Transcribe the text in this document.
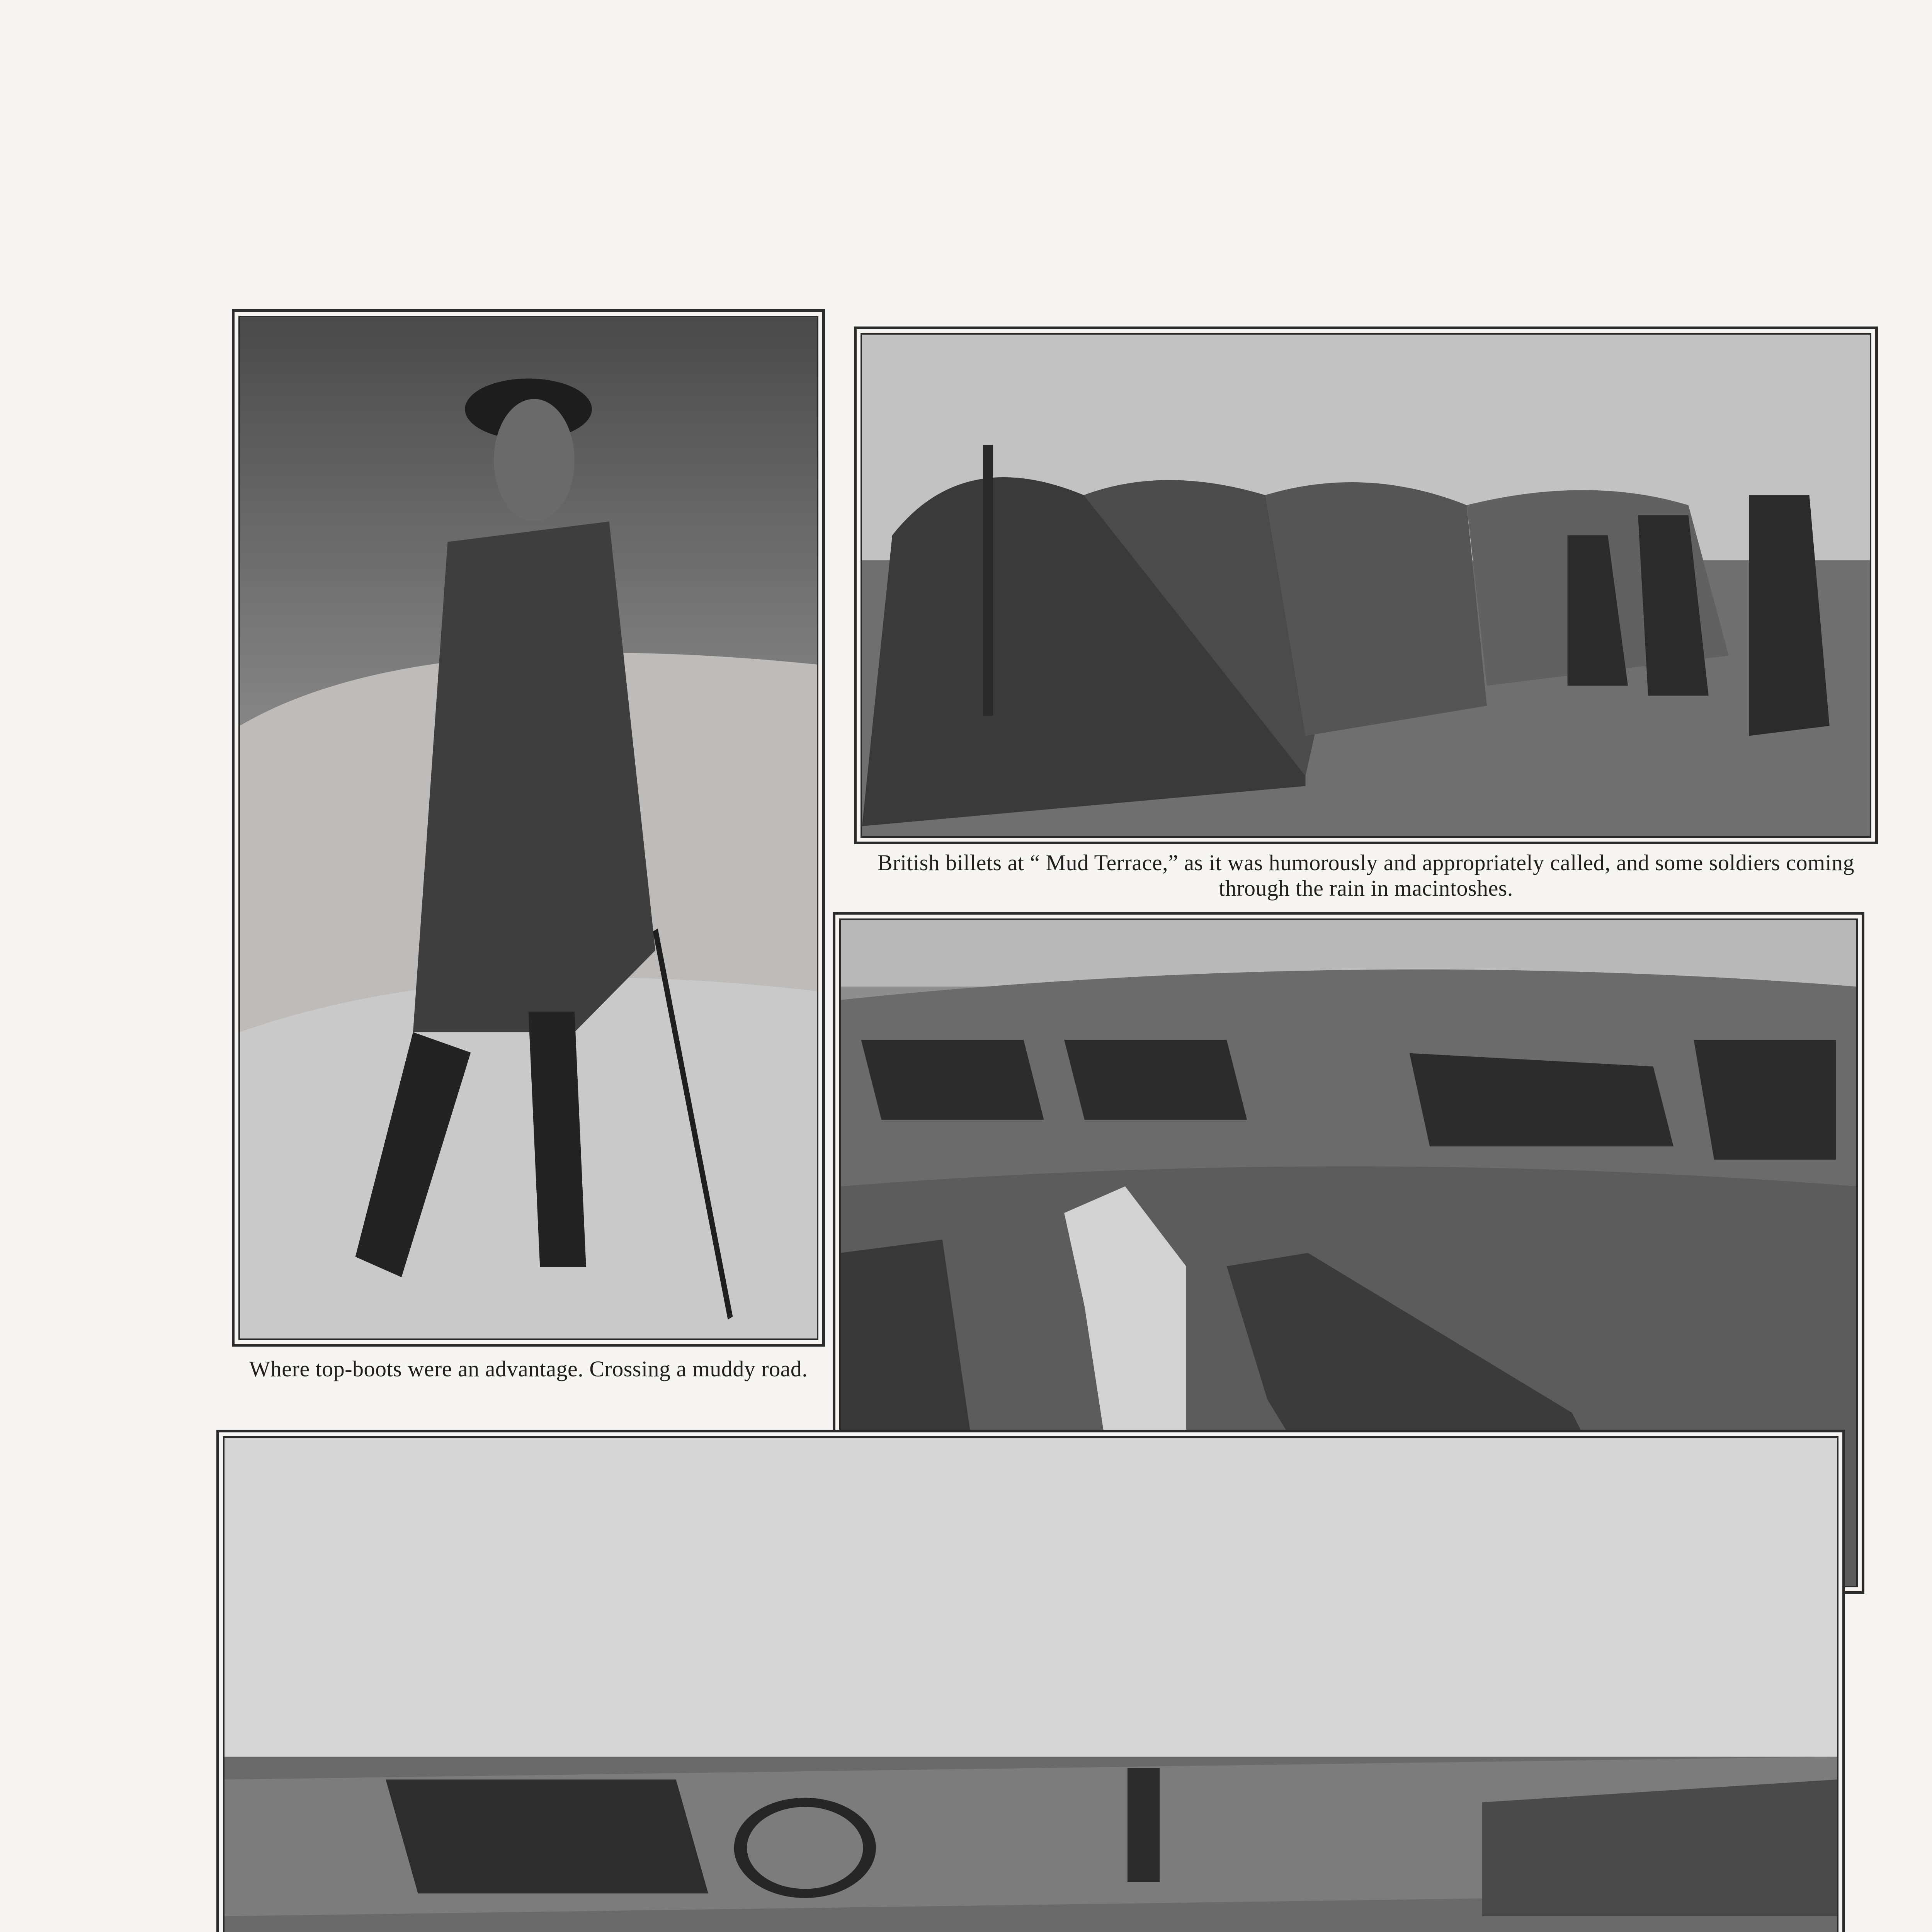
Where top-boots were an advantage. Crossing a muddy road.
British billets at “ Mud Terrace,” as it was humorously and appropriately called, and some soldiers coming through the rain in macintoshes.
